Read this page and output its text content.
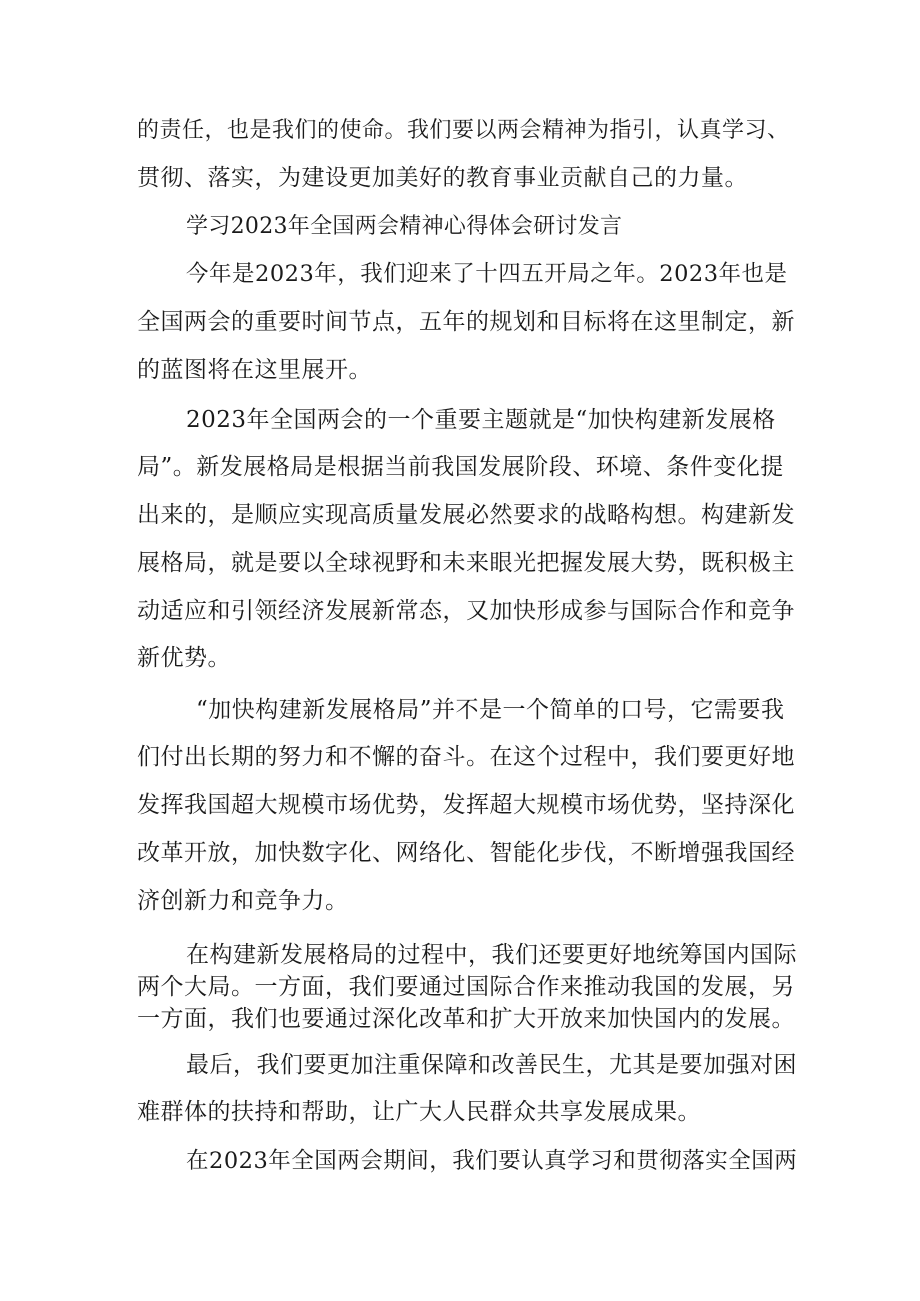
的责任，也是我们的使命。我们要以两会精神为指引，认真学习、
贯彻、落实，为建设更加美好的教育事业贡献自己的力量。
学习2023年全国两会精神心得体会研讨发言
今年是2023年，我们迎来了十四五开局之年。2023年也是
全国两会的重要时间节点，五年的规划和目标将在这里制定，新
的蓝图将在这里展开。
2023年全国两会的一个重要主题就是“加快构建新发展格
局”。新发展格局是根据当前我国发展阶段、环境、条件变化提
出来的，是顺应实现高质量发展必然要求的战略构想。构建新发
展格局，就是要以全球视野和未来眼光把握发展大势，既积极主
动适应和引领经济发展新常态，又加快形成参与国际合作和竞争
新优势。
“加快构建新发展格局”并不是一个简单的口号，它需要我
们付出长期的努力和不懈的奋斗。在这个过程中，我们要更好地
发挥我国超大规模市场优势，发挥超大规模市场优势，坚持深化
改革开放，加快数字化、网络化、智能化步伐，不断增强我国经
济创新力和竞争力。
在构建新发展格局的过程中，我们还要更好地统筹国内国际
两个大局。一方面，我们要通过国际合作来推动我国的发展，另
一方面，我们也要通过深化改革和扩大开放来加快国内的发展。
最后，我们要更加注重保障和改善民生，尤其是要加强对困
难群体的扶持和帮助，让广大人民群众共享发展成果。
在2023年全国两会期间，我们要认真学习和贯彻落实全国两
